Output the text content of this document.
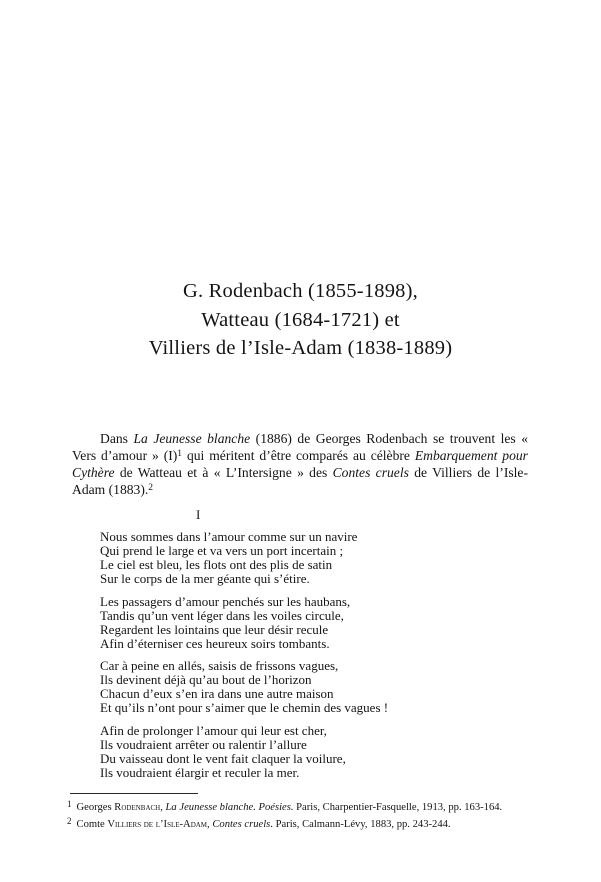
G. Rodenbach (1855-1898),
Watteau (1684-1721) et
Villiers de l’Isle-Adam (1838-1889)

Dans La Jeunesse blanche (1886) de Georges Rodenbach se trouvent les « Vers d’amour » $(I)^1$ qui méritent d’être comparés au célèbre Embarquement pour Cythère de Watteau et à « L’Intersigne » des Contes cruels de Villiers de l’Isle-Adam (1883).$^2$

I
Nous sommes dans l’amour comme sur un navire
Qui prend le large et va vers un port incertain ;
Le ciel est bleu, les flots ont des plis de satin
Sur le corps de la mer géante qui s’étire.
Les passagers d’amour penchés sur les haubans,
Tandis qu’un vent léger dans les voiles circule,
Regardent les lointains que leur désir recule
Afin d’éterniser ces heureux soirs tombants.
Car à peine en allés, saisis de frissons vagues,
Ils devinent déjà qu’au bout de l’horizon
Chacun d’eux s’en ira dans une autre maison
Et qu’ils n’ont pour s’aimer que le chemin des vagues !
Afin de prolonger l’amour qui leur est cher,
Ils voudraient arrêter ou ralentir l’allure
Du vaisseau dont le vent fait claquer la voilure,
Ils voudraient élargir et reculer la mer.
$^1$ Georges Rodenbach, La Jeunesse blanche. Poésies. Paris, Charpentier-Fasquelle, 1913, pp. 163-164.
$^2$ Comte Villiers de l’Isle-Adam, Contes cruels. Paris, Calmann-Lévy, 1883, pp. 243-244.
